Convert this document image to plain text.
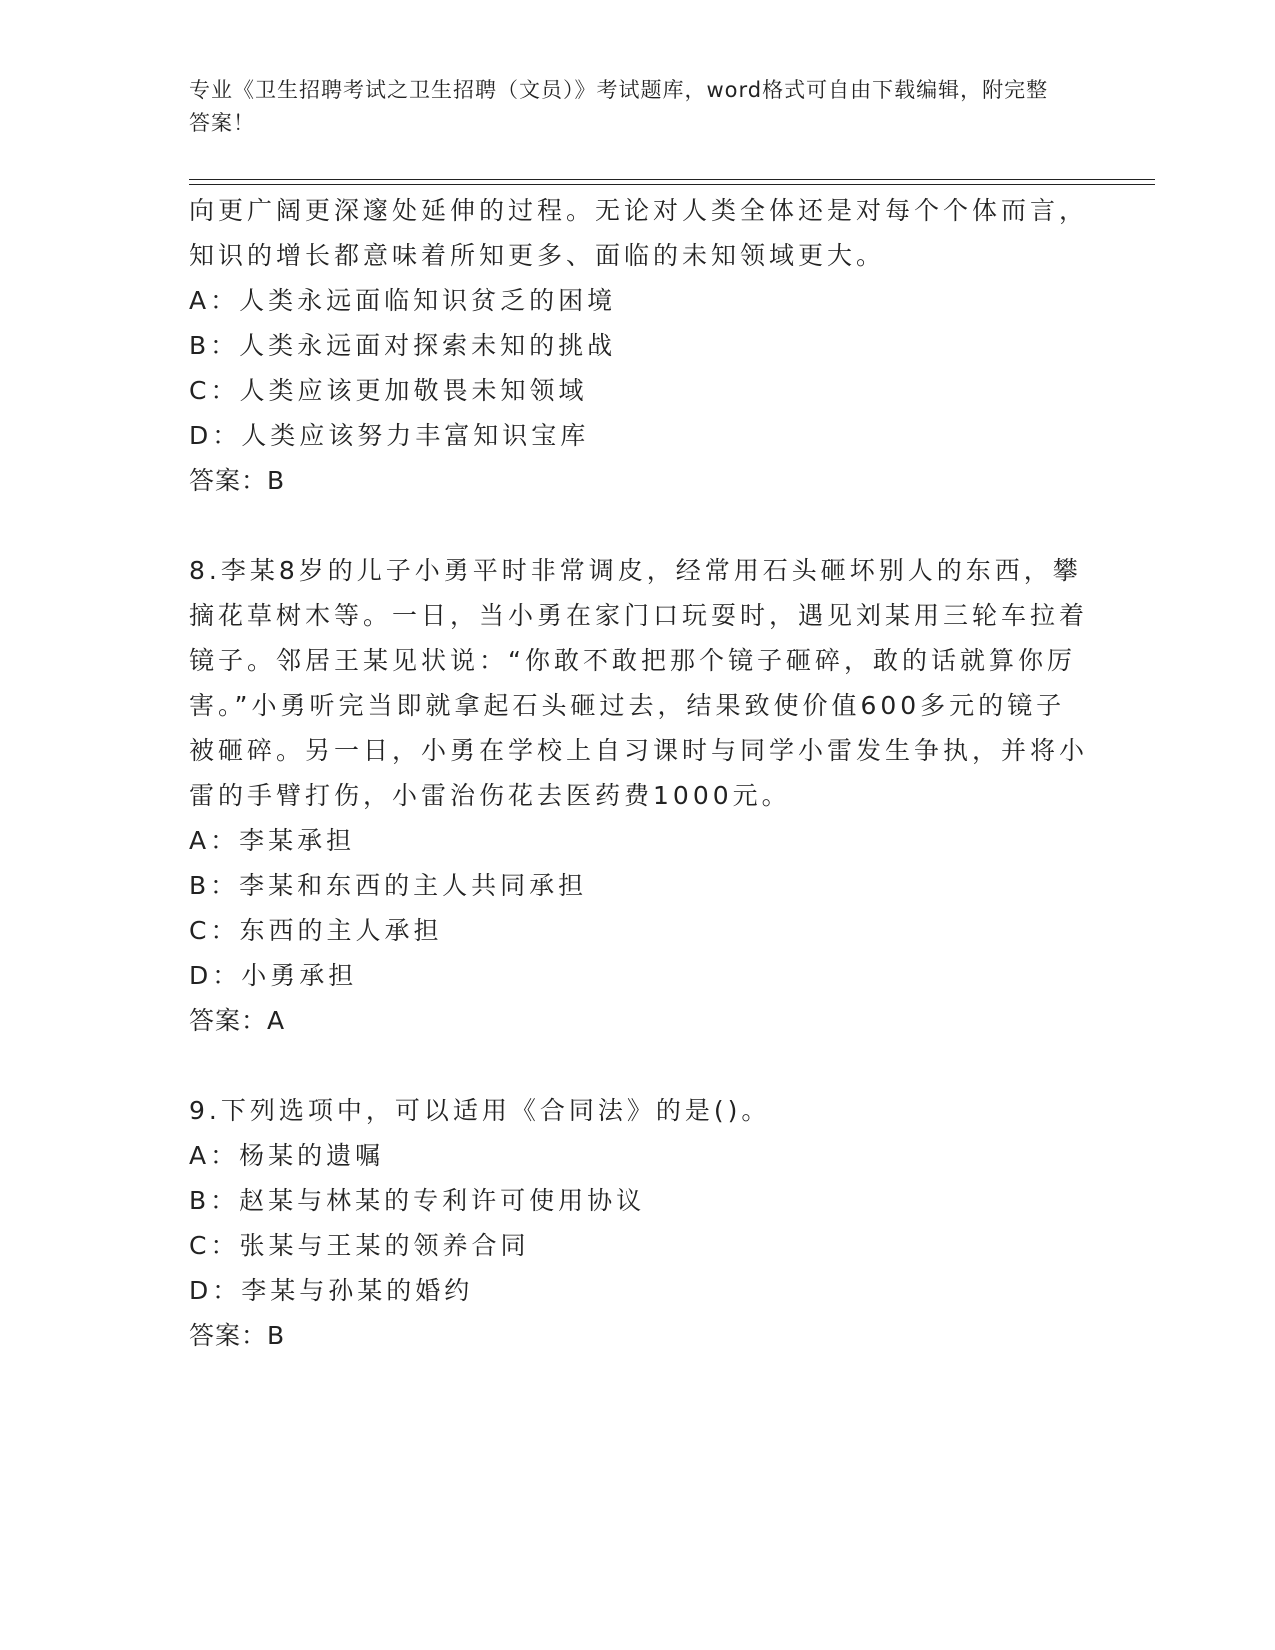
专业《卫生招聘考试之卫生招聘（文员）》考试题库，word格式可自由下载编辑，附完整答案！
向更广阔更深邃处延伸的过程。无论对人类全体还是对每个个体而言，知识的增长都意味着所知更多、面临的未知领域更大。
A：人类永远面临知识贫乏的困境
B：人类永远面对探索未知的挑战
C：人类应该更加敬畏未知领域
D：人类应该努力丰富知识宝库
答案：B
8.李某8岁的儿子小勇平时非常调皮，经常用石头砸坏别人的东西，攀摘花草树木等。一日，当小勇在家门口玩耍时，遇见刘某用三轮车拉着镜子。邻居王某见状说：“你敢不敢把那个镜子砸碎，敢的话就算你厉害。”小勇听完当即就拿起石头砸过去，结果致使价值600多元的镜子被砸碎。另一日，小勇在学校上自习课时与同学小雷发生争执，并将小雷的手臂打伤，小雷治伤花去医药费1000元。
A：李某承担
B：李某和东西的主人共同承担
C：东西的主人承担
D：小勇承担
答案：A
9.下列选项中，可以适用《合同法》的是()。
A：杨某的遗嘱
B：赵某与林某的专利许可使用协议
C：张某与王某的领养合同
D：李某与孙某的婚约
答案：B
